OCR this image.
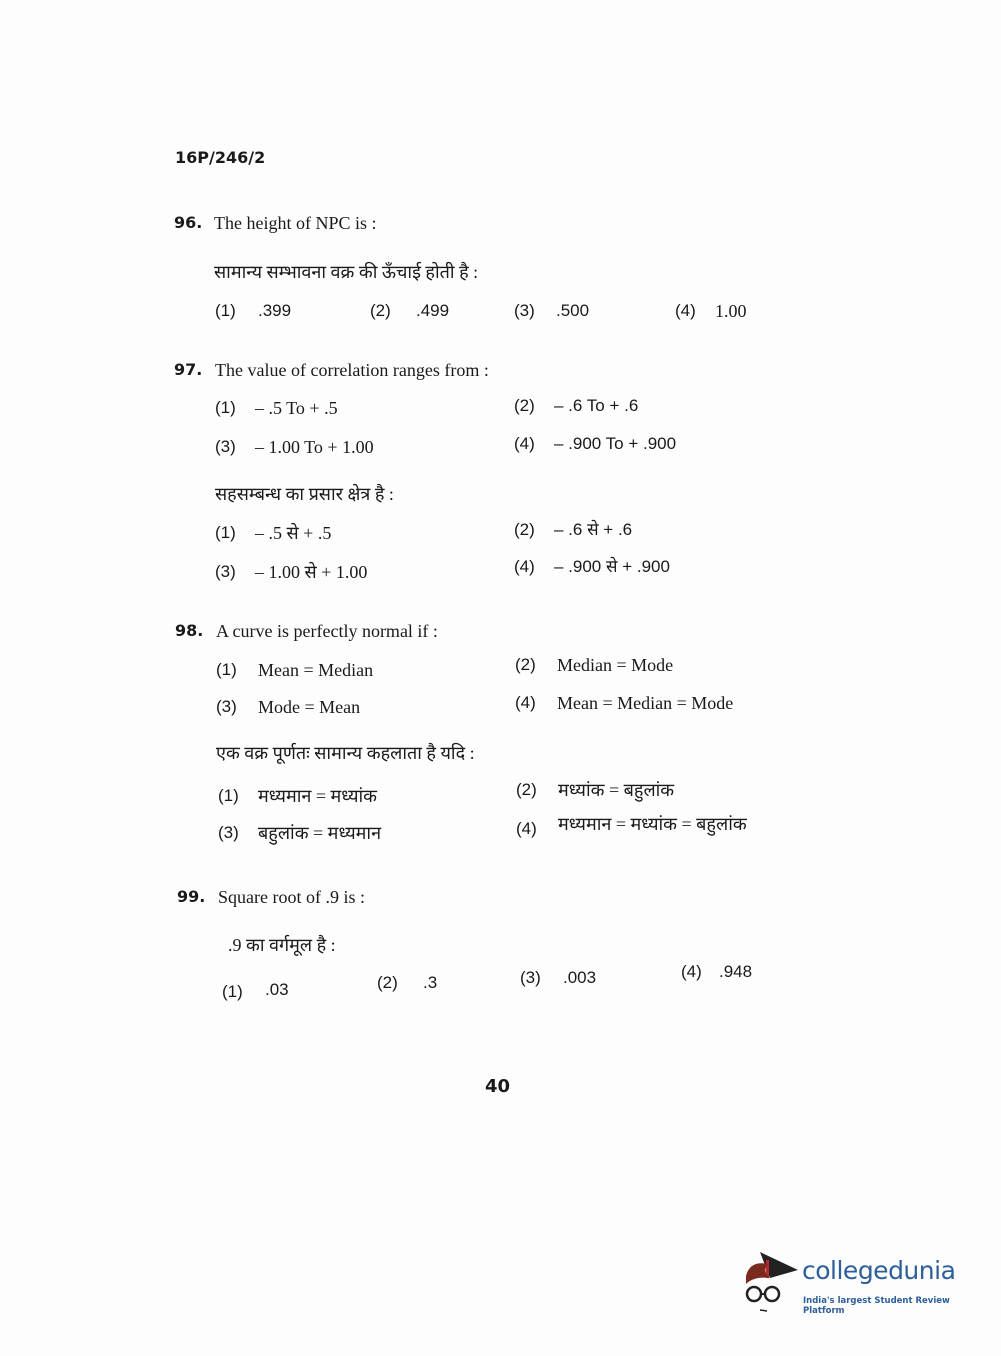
16P/246/2
96. The height of NPC is :
सामान्य सम्भावना वक्र की ऊँचाई होती है :
(1) .399	(2) .499	(3) .500	(4) 1.00
97. The value of correlation ranges from :
(1) – .5 To + .5	(2) – .6 To + .6
(3) – 1.00 To + 1.00	(4) – .900 To + .900
सहसम्बन्ध का प्रसार क्षेत्र है :
(1) – .5 से + .5	(2) – .6 से + .6
(3) – 1.00 से + 1.00	(4) – .900 से + .900
98. A curve is perfectly normal if :
(1) Mean = Median	(2) Median = Mode
(3) Mode = Mean	(4) Mean = Median = Mode
एक वक्र पूर्णतः सामान्य कहलाता है यदि :
(1) मध्यमान = मध्यांक	(2) मध्यांक = बहुलांक
(3) बहुलांक = मध्यमान	(4) मध्यमान = मध्यांक = बहुलांक
99. Square root of .9 is :
.9 का वर्गमूल है :
(1) .03	(2) .3	(3) .003	(4) .948
40
collegedunia
India's largest Student Review Platform
